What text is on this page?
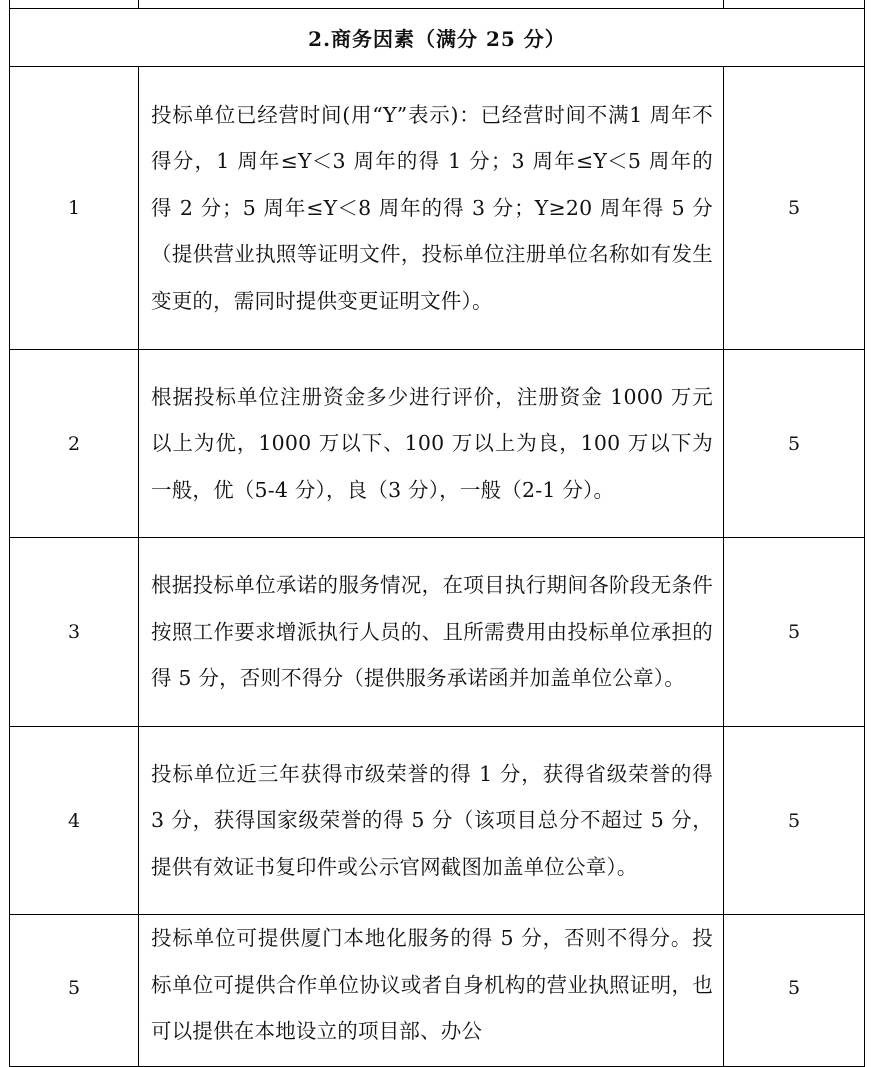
2.商务因素（满分 25 分）		
1	投标单位已经营时间(用“Y”表示)：已经营时间不满1 周年不得分，1 周年≤Y＜3 周年的得 1 分；3 周年≤Y＜5 周年的得 2 分；5 周年≤Y＜8 周年的得 3 分；Y≥20 周年得 5 分（提供营业执照等证明文件，投标单位注册单位名称如有发生变更的，需同时提供变更证明文件）。	5
2	根据投标单位注册资金多少进行评价，注册资金 1000 万元以上为优，1000 万以下、100 万以上为良，100 万以下为一般，优（5-4 分），良（3 分），一般（2-1 分）。	5
3	根据投标单位承诺的服务情况，在项目执行期间各阶段无条件按照工作要求增派执行人员的、且所需费用由投标单位承担的得 5 分，否则不得分（提供服务承诺函并加盖单位公章）。	5
4	投标单位近三年获得市级荣誉的得 1 分，获得省级荣誉的得 3 分，获得国家级荣誉的得 5 分（该项目总分不超过 5 分，提供有效证书复印件或公示官网截图加盖单位公章）。	5

5	投标单位可提供厦门本地化服务的得 5 分，否则不得分。投标单位可提供合作单位协议或者自身机构的营业执照证明，也可以提供在本地设立的项目部、办公	5
